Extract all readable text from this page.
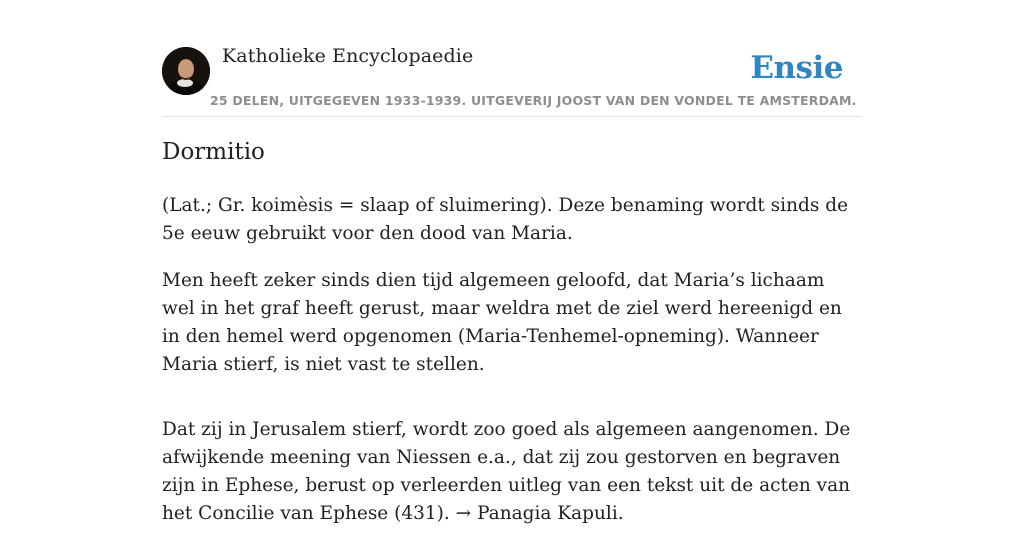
Katholieke Encyclopaedie	Ensie
25 DELEN, UITGEGEVEN 1933-1939. UITGEVERIJ JOOST VAN DEN VONDEL TE AMSTERDAM.
Dormitio

(Lat.; Gr. koimèsis = slaap of sluimering). Deze benaming wordt sinds de 5e eeuw gebruikt voor den dood van Maria.

Men heeft zeker sinds dien tijd algemeen geloofd, dat Maria’s lichaam wel in het graf heeft gerust, maar weldra met de ziel werd hereenigd en in den hemel werd opgenomen (Maria-Tenhemel-opneming). Wanneer Maria stierf, is niet vast te stellen.

Dat zij in Jerusalem stierf, wordt zoo goed als algemeen aangenomen. De afwijkende meening van Niessen e.a., dat zij zou gestorven en begraven zijn in Ephese, berust op verleerden uitleg van een tekst uit de acten van het Concilie van Ephese (431). → Panagia Kapuli.
